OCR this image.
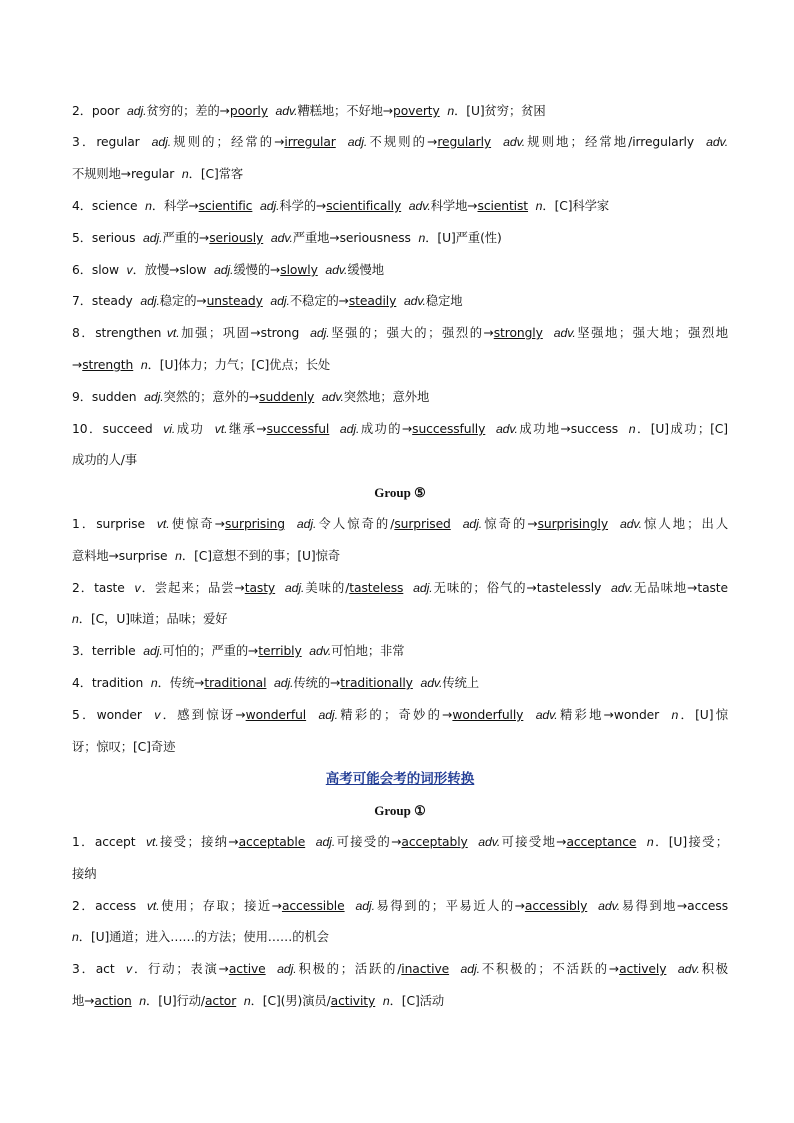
高考可能会考的词形转换
2．poor  adj.贫穷的；差的→poorly adv.糟糕地；不好地→poverty n．[U]贫穷；贫困
3．regular  adj.规则的；经常的→irregular adj.不规则的→regularly adv.规则地；经常地/irregularly  adv.
不规则地→regular  n．[C]常客
4．science  n．科学→scientific adj.科学的→scientifically adv.科学地→scientist n．[C]科学家
5．serious  adj.严重的→seriously adv.严重地→seriousness  n．[U]严重(性)
6．slow  v．放慢→slow  adj.缓慢的→slowly adv.缓慢地
7．steady  adj.稳定的→unsteady adj.不稳定的→steadily adv.稳定地
8．strengthen vt.加强；巩固→strong  adj.坚强的；强大的；强烈的→strongly adv.坚强地；强大地；强烈地
→strength n．[U]体力；力气；[C]优点；长处
9．sudden  adj.突然的；意外的→suddenly adv.突然地；意外地
10．succeed  vi.成功  vt.继承→successful adj.成功的→successfully adv.成功地→success  n．[U]成功；[C]
成功的人/事
1．surprise  vt.使惊奇→surprising adj.令人惊奇的/surprised adj.惊奇的→surprisingly adv.惊人地；出人
意料地→surprise  n．[C]意想不到的事；[U]惊奇
2．taste  v．尝起来；品尝→tasty adj.美味的/tasteless adj.无味的；俗气的→tastelessly  adv.无品味地→taste
n．[C，U]味道；品味；爱好
3．terrible  adj.可怕的；严重的→terribly adv.可怕地；非常
4．tradition  n．传统→traditional adj.传统的→traditionally adv.传统上
5．wonder  v．感到惊讶→wonderful adj.精彩的；奇妙的→wonderfully adv.精彩地→wonder  n．[U]惊
讶；惊叹；[C]奇迹
1．accept  vt.接受；接纳→acceptable adj.可接受的→acceptably adv.可接受地→acceptance n．[U]接受；
接纳
2．access  vt.使用；存取；接近→accessible adj.易得到的；平易近人的→accessibly adv.易得到地→access
n．[U]通道；进入……的方法；使用……的机会
3．act  v．行动；表演→active adj.积极的；活跃的/inactive adj.不积极的；不活跃的→actively adv.积极
地→action n．[U]行动/actor n．[C](男)演员/activity n．[C]活动
Group ⑤
Group ①
